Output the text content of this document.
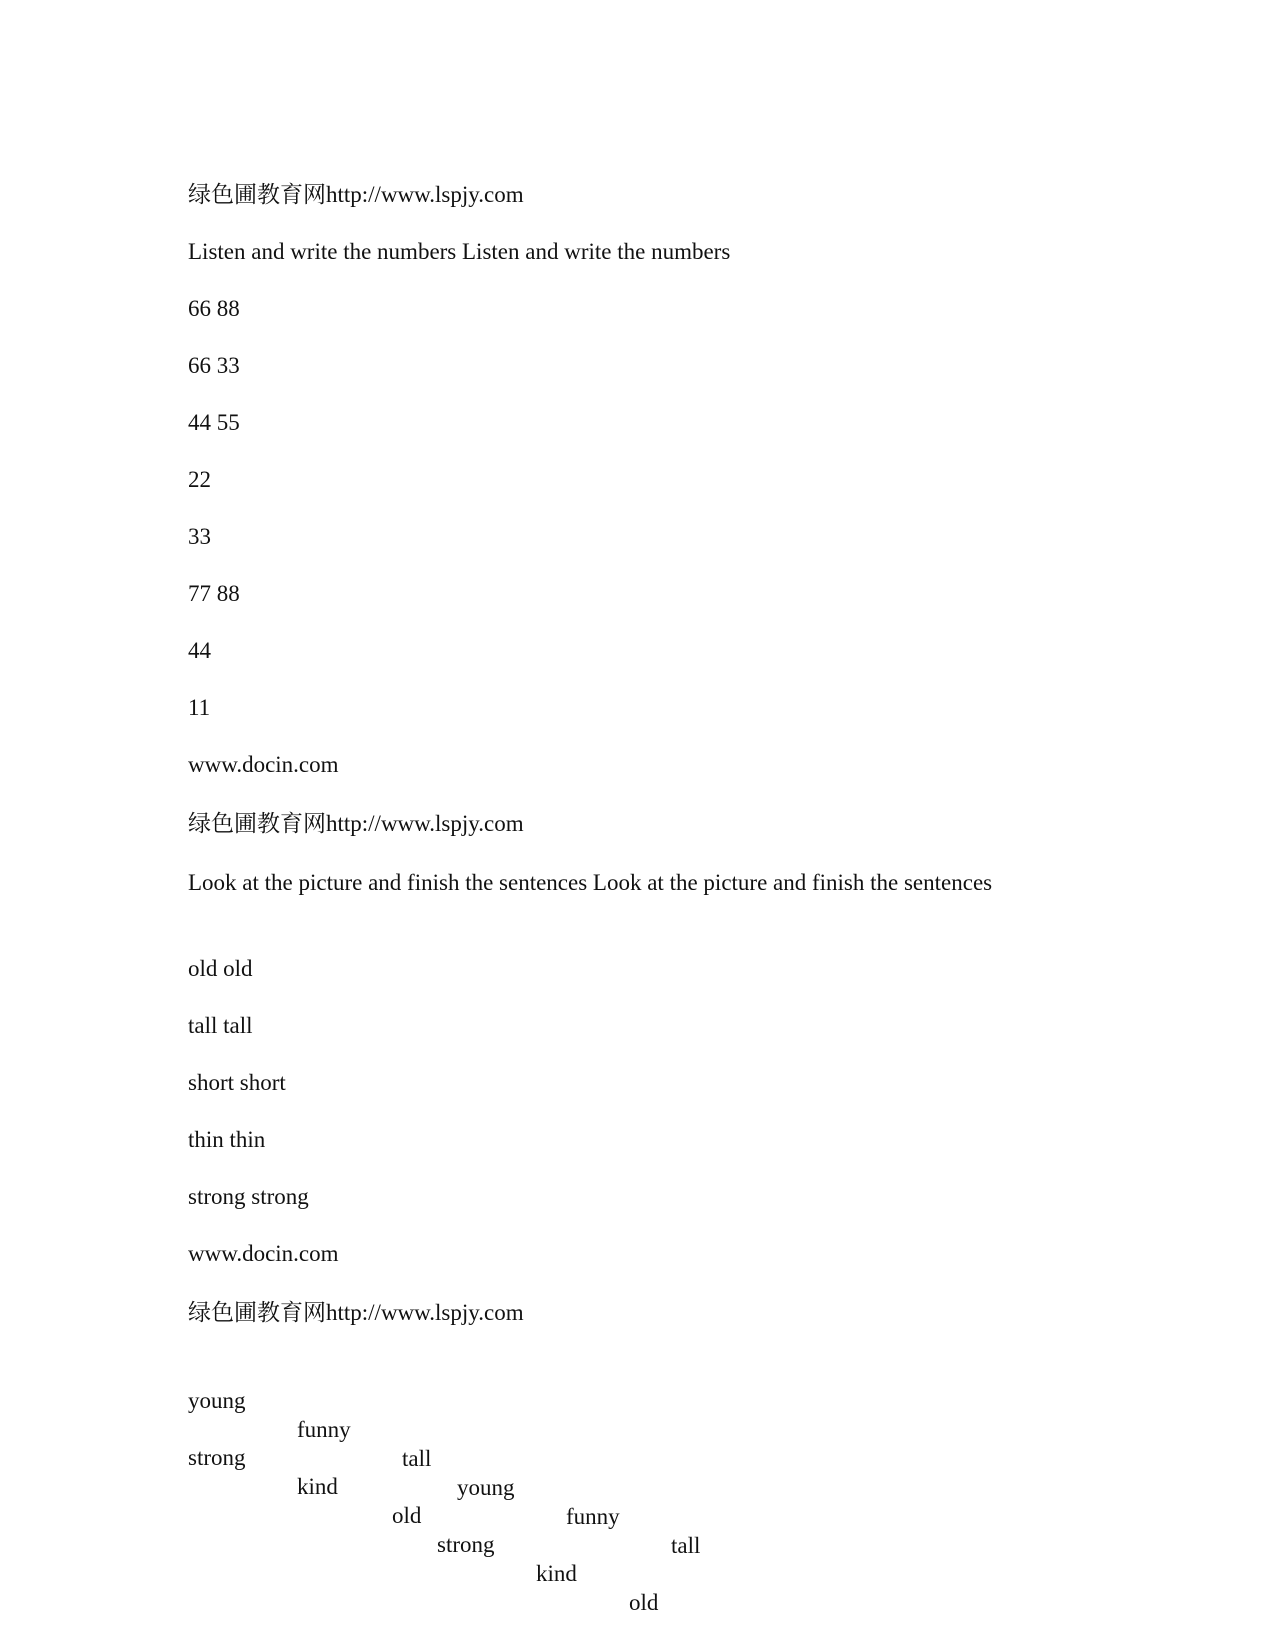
绿色圃教育网http://www.lspjy.com

Listen and write the numbers Listen and write the numbers

66 88

66 33

44 55

22

33

77 88

44

11

www.docin.com

绿色圃教育网http://www.lspjy.com

Look at the picture and finish the sentences Look at the picture and finish the sentences

old old

tall tall

short short

thin thin

strong strong

www.docin.com

绿色圃教育网http://www.lspjy.com

young

funny

tall

young

funny

tall

strong

kind

old

strong

kind

old
